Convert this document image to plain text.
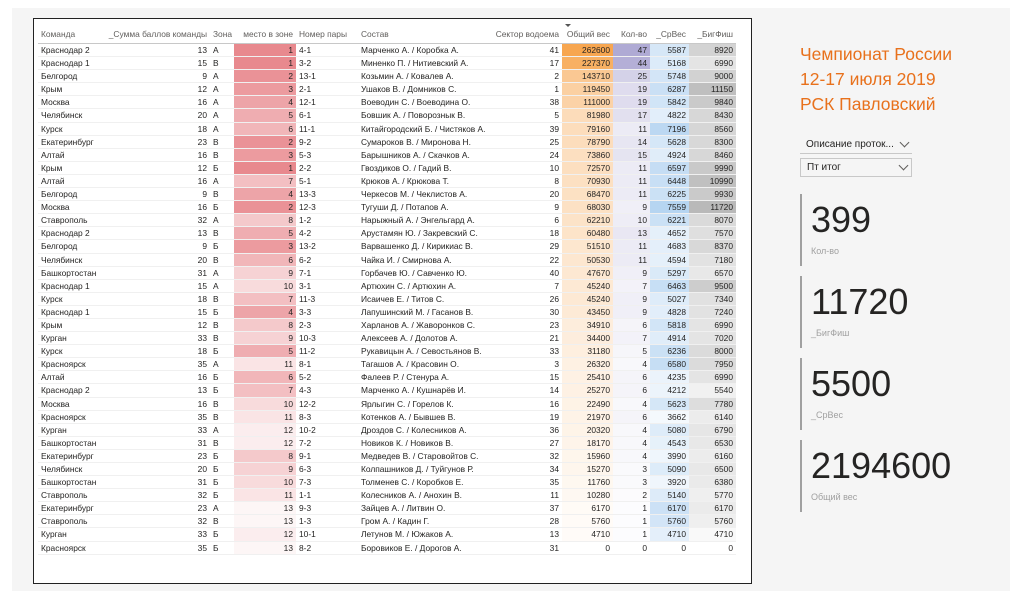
Команда	_Сумма баллов команды	Зона	место в зоне	Номер пары	Состав	Сектор водоема	Общий вес	Кол-во	_СрВес	_БигФиш
Краснодар 2	13	А	1	4-1	Марченко А. / Коробка А.	41	262600	47	5587	8920
Краснодар 1	15	В	1	3-2	Миненко П. / Нитиевский А.	17	227370	44	5168	6990
Белгород	9	А	2	13-1	Козьмин А. / Ковалев А.	2	143710	25	5748	9000
Крым	12	А	3	2-1	Ушаков В. / Домников С.	1	119450	19	6287	11150
Москва	16	А	4	12-1	Воеводин С. / Воеводина О.	38	111000	19	5842	9840
Челябинск	20	А	5	6-1	Бовшик А. / Поворознык В.	5	81980	17	4822	8430
Курск	18	А	6	11-1	Китайгородский Б. / Чистяков А.	39	79160	11	7196	8560
Екатеринбург	23	В	2	9-2	Сумароков В. / Миронова Н.	25	78790	14	5628	8300
Алтай	16	В	3	5-3	Барышников А. / Скачков А.	24	73860	15	4924	8460
Крым	12	Б	1	2-2	Гвоздиков О. / Гадий В.	10	72570	11	6597	9990
Алтай	16	А	7	5-1	Крюков А. / Крюкова Т.	8	70930	11	6448	10990
Белгород	9	В	4	13-3	Черкесов М. / Чеклистов А.	20	68470	11	6225	9930
Москва	16	Б	2	12-3	Тугуши Д. / Потапов А.	9	68030	9	7559	11720
Ставрополь	32	А	8	1-2	Нарыжный А. / Энгельгард А.	6	62210	10	6221	8070
Краснодар 2	13	В	5	4-2	Арустамян Ю. / Закревский С.	18	60480	13	4652	7570
Белгород	9	Б	3	13-2	Варвашенко Д. / Кирикиас В.	29	51510	11	4683	8370
Челябинск	20	В	6	6-2	Чайка И. / Смирнова А.	22	50530	11	4594	7180
Башкортостан	31	А	9	7-1	Горбачев Ю. / Савченко Ю.	40	47670	9	5297	6570
Краснодар 1	15	А	10	3-1	Артюхин С. / Артюхин А.	7	45240	7	6463	9500
Курск	18	В	7	11-3	Исаичев Е. / Титов С.	26	45240	9	5027	7340
Краснодар 1	15	Б	4	3-3	Лапушинский М. / Гасанов В.	30	43450	9	4828	7240
Крым	12	В	8	2-3	Харланов А. / Жаворонков С.	23	34910	6	5818	6990
Курган	33	В	9	10-3	Алексеев А. / Долотов А.	21	34400	7	4914	7020
Курск	18	Б	5	11-2	Рукавицын А. / Севостьянов В.	33	31180	5	6236	8000
Красноярск	35	А	11	8-1	Тагашов А. / Красовин О.	3	26320	4	6580	7950
Алтай	16	Б	6	5-2	Фалеев Р. / Стенура А.	15	25410	6	4235	6990
Краснодар 2	13	Б	7	4-3	Марченко А. / Кушнарёв И.	14	25270	6	4212	5540
Москва	16	В	10	12-2	Ярлыгин С. / Горелов К.	16	22490	4	5623	7780
Красноярск	35	В	11	8-3	Котенков А. / Бывшев В.	19	21970	6	3662	6140
Курган	33	А	12	10-2	Дроздов С. / Колесников А.	36	20320	4	5080	6790
Башкортостан	31	В	12	7-2	Новиков К. / Новиков В.	27	18170	4	4543	6530
Екатеринбург	23	Б	8	9-1	Медведев В. / Старовойтов С.	32	15960	4	3990	6160
Челябинск	20	Б	9	6-3	Колпашников Д. / Туйгунов Р.	34	15270	3	5090	6500
Башкортостан	31	Б	10	7-3	Толменев С. / Коробков Е.	35	11760	3	3920	6380
Ставрополь	32	Б	11	1-1	Колесников А. / Анохин В.	11	10280	2	5140	5770
Екатеринбург	23	А	13	9-3	Зайцев А. / Литвин О.	37	6170	1	6170	6170
Ставрополь	32	В	13	1-3	Гром А. / Кадин Г.	28	5760	1	5760	5760
Курган	33	Б	12	10-1	Летунов М. / Южаков А.	13	4710	1	4710	4710
Красноярск	35	Б	13	8-2	Боровиков Е. / Дорогов А.	31	0	0	0	0
Чемпионат России
12-17 июля 2019
РСК Павловский
Описание проток...
Пт итог
399
Кол-во
11720
_БигФиш
5500
_СрВес
2194600
Общий вес
